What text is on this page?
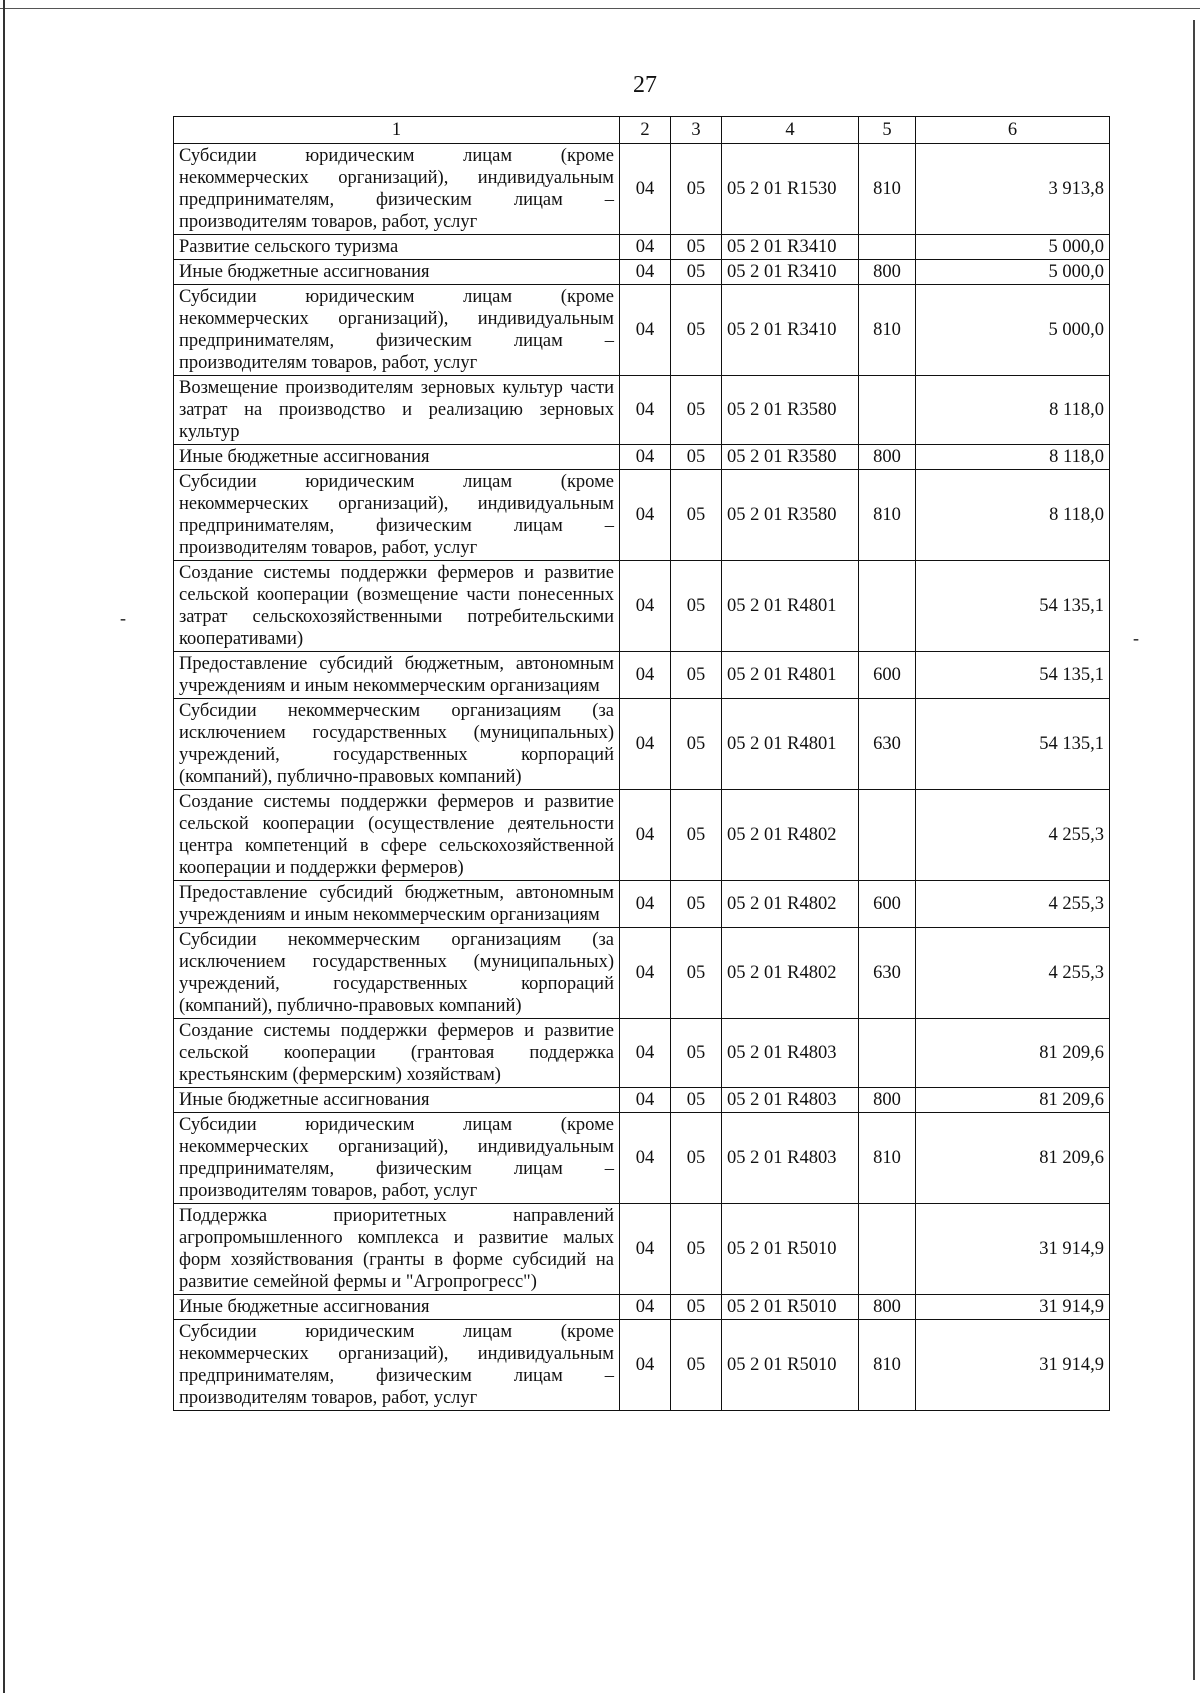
27
-
-
1	2	3	4	5	6
Субсидии юридическим лицам (кроме некоммерческих организаций), индивидуальным предпринимателям, физическим лицам – производителям товаров, работ, услуг	04	05	05 2 01 R1530	810	3 913,8
Развитие сельского туризма	04	05	05 2 01 R3410		5 000,0
Иные бюджетные ассигнования	04	05	05 2 01 R3410	800	5 000,0
Субсидии юридическим лицам (кроме некоммерческих организаций), индивидуальным предпринимателям, физическим лицам – производителям товаров, работ, услуг	04	05	05 2 01 R3410	810	5 000,0
Возмещение производителям зерновых культур части затрат на производство и реализацию зерновых культур	04	05	05 2 01 R3580		8 118,0
Иные бюджетные ассигнования	04	05	05 2 01 R3580	800	8 118,0
Субсидии юридическим лицам (кроме некоммерческих организаций), индивидуальным предпринимателям, физическим лицам – производителям товаров, работ, услуг	04	05	05 2 01 R3580	810	8 118,0
Создание системы поддержки фермеров и развитие сельской кооперации (возмещение части понесенных затрат сельскохозяйственными потребительскими кооперативами)	04	05	05 2 01 R4801		54 135,1
Предоставление субсидий бюджетным, автономным учреждениям и иным некоммерческим организациям	04	05	05 2 01 R4801	600	54 135,1
Субсидии некоммерческим организациям (за исключением государственных (муниципальных) учреждений, государственных корпораций (компаний), публично-правовых компаний)	04	05	05 2 01 R4801	630	54 135,1
Создание системы поддержки фермеров и развитие сельской кооперации (осуществление деятельности центра компетенций в сфере сельскохозяйственной кооперации и поддержки фермеров)	04	05	05 2 01 R4802		4 255,3
Предоставление субсидий бюджетным, автономным учреждениям и иным некоммерческим организациям	04	05	05 2 01 R4802	600	4 255,3
Субсидии некоммерческим организациям (за исключением государственных (муниципальных) учреждений, государственных корпораций (компаний), публично-правовых компаний)	04	05	05 2 01 R4802	630	4 255,3
Создание системы поддержки фермеров и развитие сельской кооперации (грантовая поддержка крестьянским (фермерским) хозяйствам)	04	05	05 2 01 R4803		81 209,6
Иные бюджетные ассигнования	04	05	05 2 01 R4803	800	81 209,6
Субсидии юридическим лицам (кроме некоммерческих организаций), индивидуальным предпринимателям, физическим лицам – производителям товаров, работ, услуг	04	05	05 2 01 R4803	810	81 209,6
Поддержка приоритетных направлений агропромышленного комплекса и развитие малых форм хозяйствования (гранты в форме субсидий на развитие семейной фермы и "Агропрогресс")	04	05	05 2 01 R5010		31 914,9
Иные бюджетные ассигнования	04	05	05 2 01 R5010	800	31 914,9
Субсидии юридическим лицам (кроме некоммерческих организаций), индивидуальным предпринимателям, физическим лицам – производителям товаров, работ, услуг	04	05	05 2 01 R5010	810	31 914,9
